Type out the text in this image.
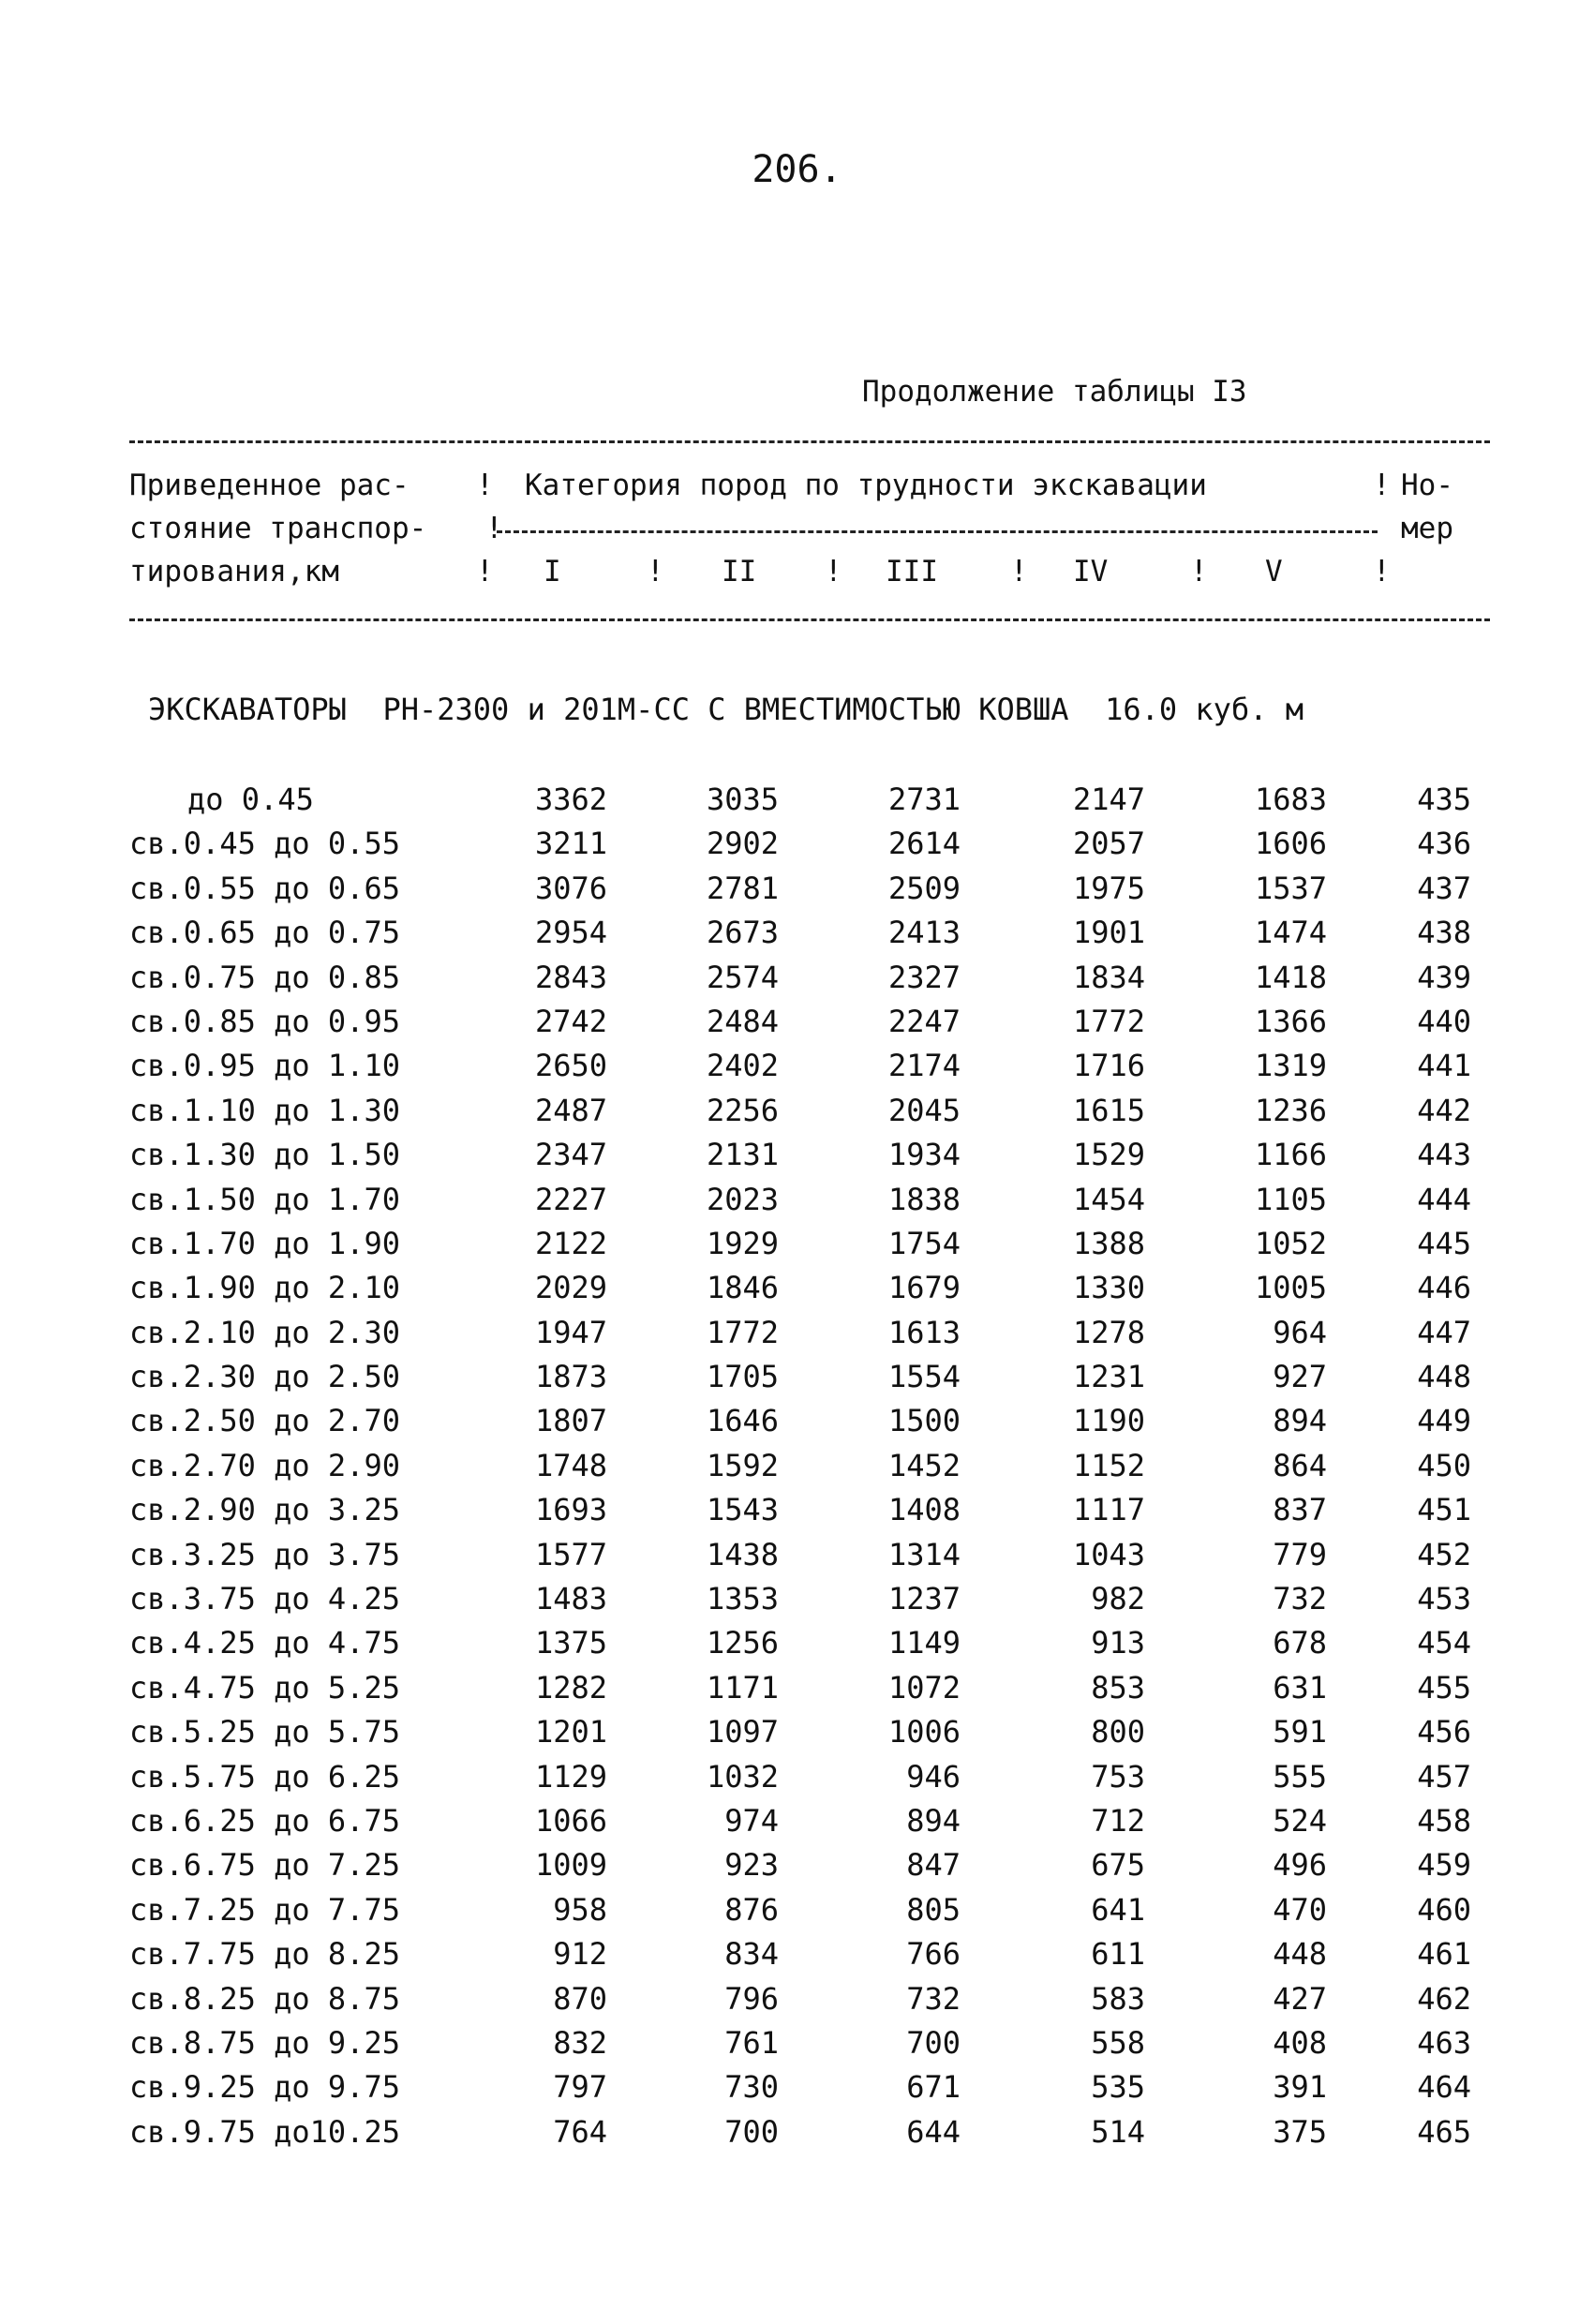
206.
Продолжение таблицы I3
Приведенное рас- ! Категория пород по трудности экскавации	! Но-
стояние транспор- !	мер
тирования,км	! I	! II ! III ! IV	! V	!
ЭКСКАВАТОРЫ  РН-2300 и 201М-СС С ВМЕСТИМОСТЬЮ КОВША  16.0 куб. м
до 0.45	3362	3035	2731	2147	1683	435
св.0.45 до 0.55	3211	2902	2614	2057	1606	436
св.0.55 до 0.65	3076	2781	2509	1975	1537	437
св.0.65 до 0.75	2954	2673	2413	1901	1474	438
св.0.75 до 0.85	2843	2574	2327	1834	1418	439
св.0.85 до 0.95	2742	2484	2247	1772	1366	440
св.0.95 до 1.10	2650	2402	2174	1716	1319	441
св.1.10 до 1.30	2487	2256	2045	1615	1236	442
св.1.30 до 1.50	2347	2131	1934	1529	1166	443
св.1.50 до 1.70	2227	2023	1838	1454	1105	444
св.1.70 до 1.90	2122	1929	1754	1388	1052	445
св.1.90 до 2.10	2029	1846	1679	1330	1005	446
св.2.10 до 2.30	1947	1772	1613	1278	964	447
св.2.30 до 2.50	1873	1705	1554	1231	927	448
св.2.50 до 2.70	1807	1646	1500	1190	894	449
св.2.70 до 2.90	1748	1592	1452	1152	864	450
св.2.90 до 3.25	1693	1543	1408	1117	837	451
св.3.25 до 3.75	1577	1438	1314	1043	779	452
св.3.75 до 4.25	1483	1353	1237	982	732	453
св.4.25 до 4.75	1375	1256	1149	913	678	454
св.4.75 до 5.25	1282	1171	1072	853	631	455
св.5.25 до 5.75	1201	1097	1006	800	591	456
св.5.75 до 6.25	1129	1032	946	753	555	457
св.6.25 до 6.75	1066	974	894	712	524	458
св.6.75 до 7.25	1009	923	847	675	496	459
св.7.25 до 7.75	958	876	805	641	470	460
св.7.75 до 8.25	912	834	766	611	448	461
св.8.25 до 8.75	870	796	732	583	427	462
св.8.75 до 9.25	832	761	700	558	408	463
св.9.25 до 9.75	797	730	671	535	391	464
св.9.75 до10.25	764	700	644	514	375	465
